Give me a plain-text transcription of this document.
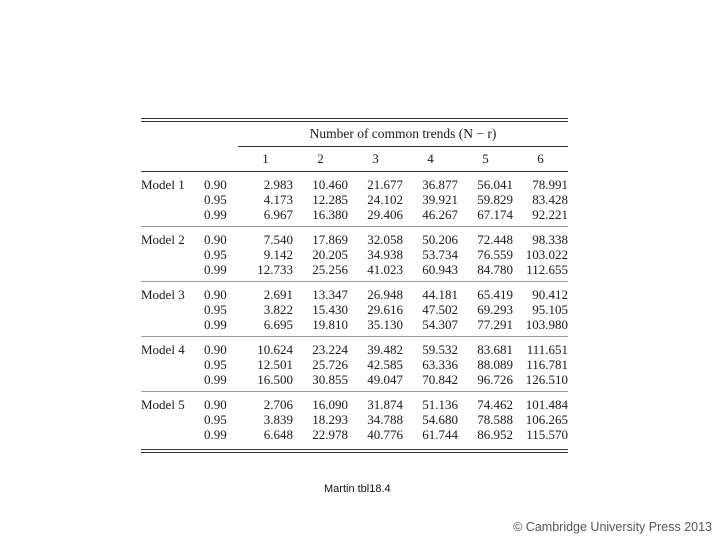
		Number of common trends (N − r)					
		1	2	3	4	5	6
Model 1	0.90	2.983	10.460	21.677	36.877	56.041	78.991
	0.95	4.173	12.285	24.102	39.921	59.829	83.428
	0.99	6.967	16.380	29.406	46.267	67.174	92.221
Model 2	0.90	7.540	17.869	32.058	50.206	72.448	98.338
	0.95	9.142	20.205	34.938	53.734	76.559	103.022
	0.99	12.733	25.256	41.023	60.943	84.780	112.655
Model 3	0.90	2.691	13.347	26.948	44.181	65.419	90.412
	0.95	3.822	15.430	29.616	47.502	69.293	95.105
	0.99	6.695	19.810	35.130	54.307	77.291	103.980
Model 4	0.90	10.624	23.224	39.482	59.532	83.681	111.651
	0.95	12.501	25.726	42.585	63.336	88.089	116.781
	0.99	16.500	30.855	49.047	70.842	96.726	126.510
Model 5	0.90	2.706	16.090	31.874	51.136	74.462	101.484
	0.95	3.839	18.293	34.788	54.680	78.588	106.265
	0.99	6.648	22.978	40.776	61.744	86.952	115.570
Martin tbl18.4
© Cambridge University Press 2013
